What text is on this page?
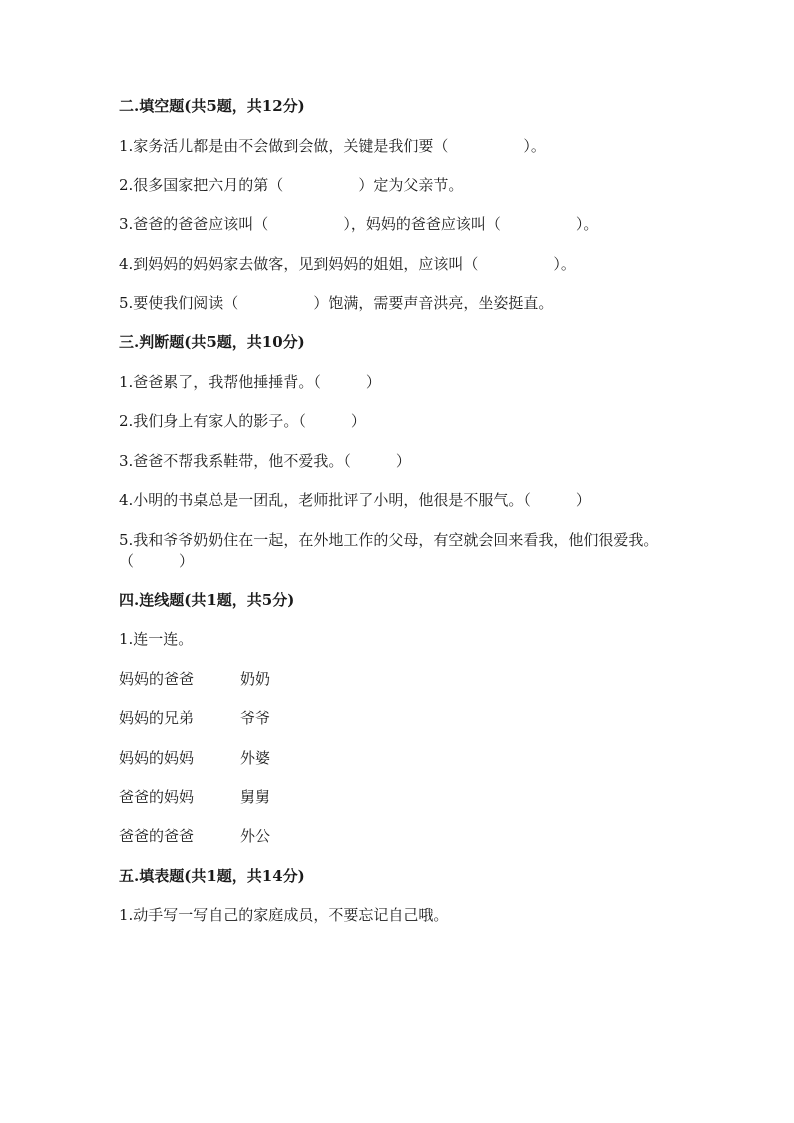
二.填空题(共5题，共12分)
1.家务活儿都是由不会做到会做，关键是我们要（　　　　　）。
2.很多国家把六月的第（　　　　　）定为父亲节。
3.爸爸的爸爸应该叫（　　　　　），妈妈的爸爸应该叫（　　　　　）。
4.到妈妈的妈妈家去做客，见到妈妈的姐姐，应该叫（　　　　　）。
5.要使我们阅读（　　　　　）饱满，需要声音洪亮，坐姿挺直。
三.判断题(共5题，共10分)
1.爸爸累了，我帮他捶捶背。（　　　）
2.我们身上有家人的影子。（　　　）
3.爸爸不帮我系鞋带，他不爱我。（　　　）
4.小明的书桌总是一团乱，老师批评了小明，他很是不服气。（　　　）
5.我和爷爷奶奶住在一起，在外地工作的父母，有空就会回来看我，他们很爱我。（　　　）
四.连线题(共1题，共5分)
1.连一连。
妈妈的爸爸	奶奶
妈妈的兄弟	爷爷
妈妈的妈妈	外婆
爸爸的妈妈	舅舅
爸爸的爸爸	外公
五.填表题(共1题，共14分)
1.动手写一写自己的家庭成员，不要忘记自己哦。
